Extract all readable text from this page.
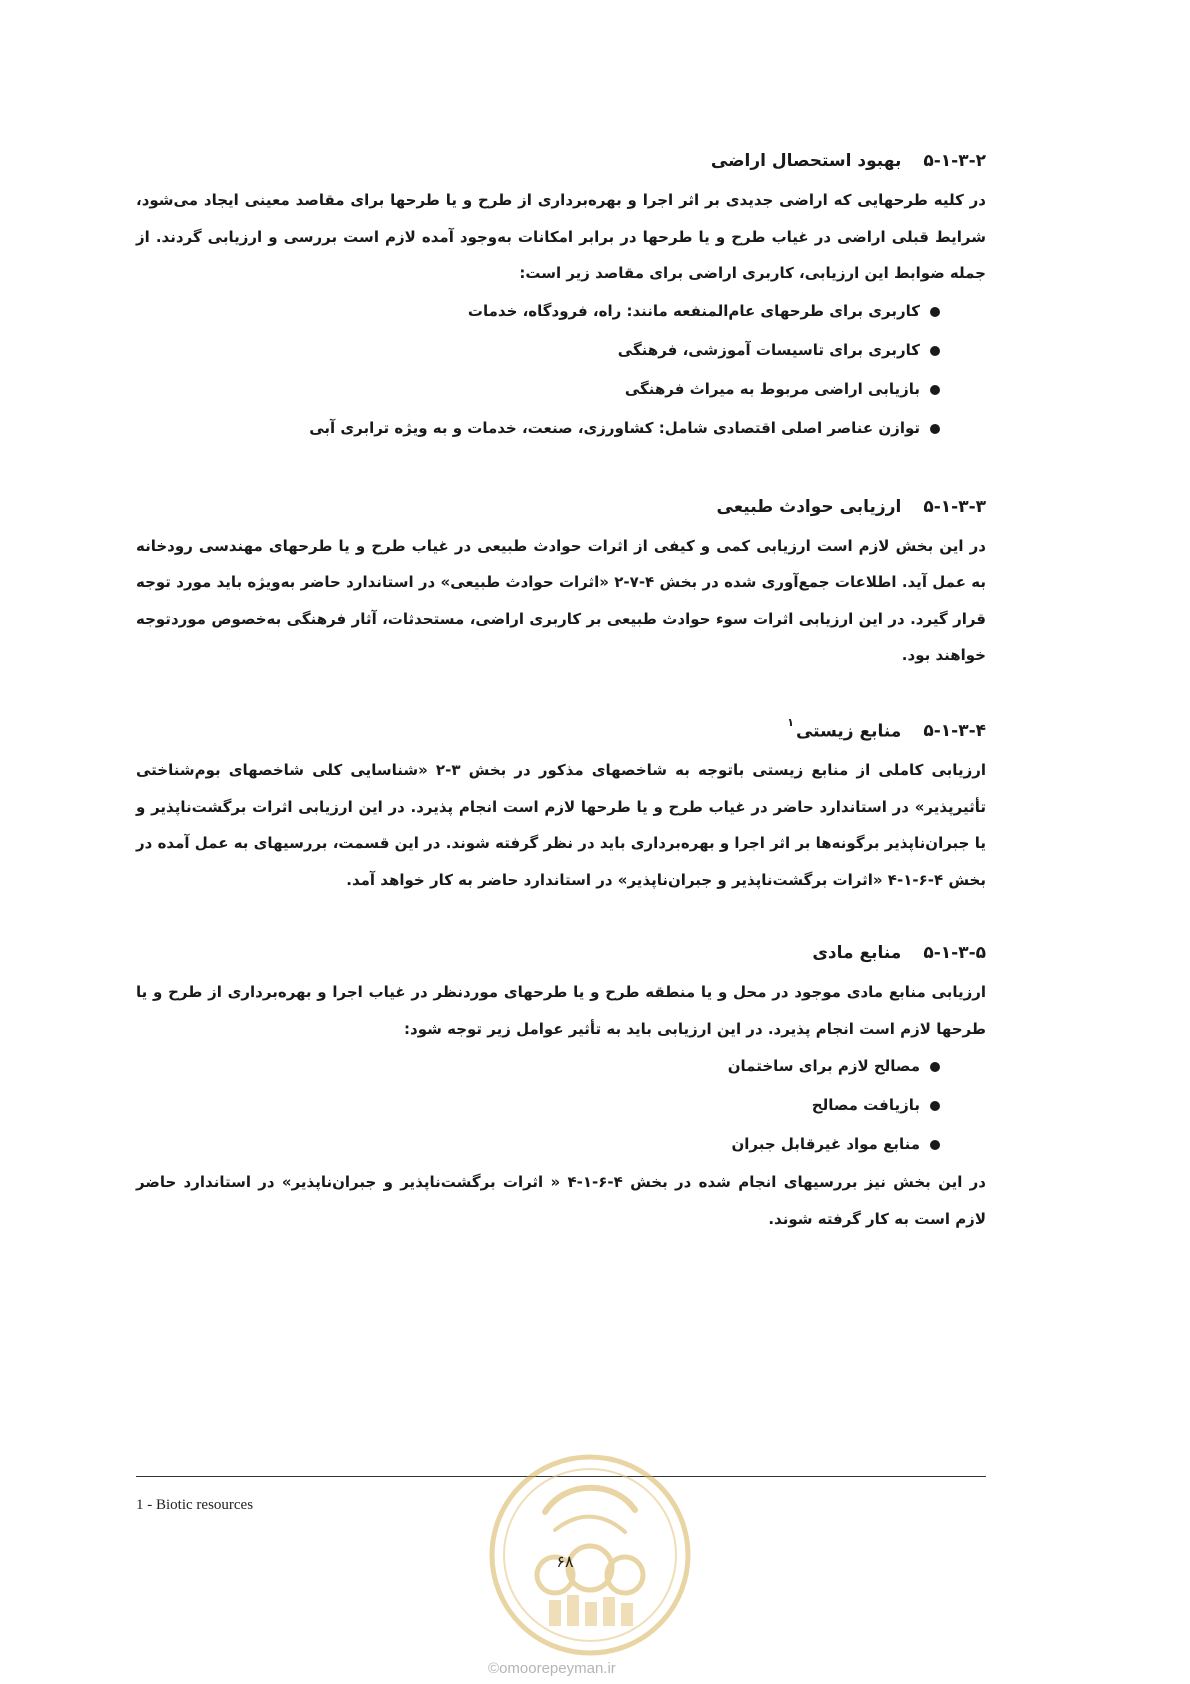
۵-۱-۳-۲بهبود استحصال اراضی

در کلیه طرحهایی که اراضی جدیدی بر اثر اجرا و بهره‌برداری از طرح و یا طرحها برای مقاصد معینی ایجاد می‌شود، شرایط قبلی اراضی در غیاب طرح و یا طرحها در برابر امکانات به‌وجود آمده لازم است بررسی و ارزیابی گردند. از جمله ضوابط این ارزیابی، کاربری اراضی برای مقاصد زیر است:

کاربری برای طرحهای عام‌المنفعه مانند: راه، فرودگاه، خدمات
کاربری برای تاسیسات آموزشی، فرهنگی
بازیابی اراضی مربوط به میراث فرهنگی
توازن عناصر اصلی اقتصادی شامل: کشاورزی، صنعت، خدمات و به ویژه ترابری آبی
۵-۱-۳-۳ارزیابی حوادث طبیعی

در این بخش لازم است ارزیابی کمی و کیفی از اثرات حوادث طبیعی در غیاب طرح و یا طرحهای مهندسی رودخانه به عمل آید. اطلاعات جمع‌آوری شده در بخش ۴-۷-۲ «اثرات حوادث طبیعی» در استاندارد حاضر به‌ویژه باید مورد توجه قرار گیرد. در این ارزیابی اثرات سوء حوادث طبیعی بر کاربری اراضی، مستحدثات، آثار فرهنگی به‌خصوص موردتوجه خواهند بود.

۵-۱-۳-۴منابع زیستی$^۱$

ارزیابی کاملی از منابع زیستی باتوجه به شاخصهای مذکور در بخش ۳-۲ «شناسایی کلی شاخصهای بوم‌شناختی تأثیرپذیر» در استاندارد حاضر در غیاب طرح و یا طرحها لازم است انجام پذیرد. در این ارزیابی اثرات برگشت‌ناپذیر و یا جبران‌ناپذیر برگونه‌ها بر اثر اجرا و بهره‌برداری باید در نظر گرفته شوند. در این قسمت، بررسیهای به عمل آمده در بخش ۴-۶-۱-۴ «اثرات برگشت‌ناپذیر و جبران‌ناپذیر» در استاندارد حاضر به کار خواهد آمد.

۵-۱-۳-۵منابع مادی

ارزیابی منابع مادی موجود در محل و یا منطقه طرح و یا طرحهای موردنظر در غیاب اجرا و بهره‌برداری از طرح و یا طرحها لازم است انجام پذیرد. در این ارزیابی باید به تأثیر عوامل زیر توجه شود:

مصالح لازم برای ساختمان
بازیافت مصالح
منابع مواد غیرقابل جبران

در این بخش نیز بررسیهای انجام شده در بخش ۴-۶-۱-۴ « اثرات برگشت‌ناپذیر و جبران‌ناپذیر» در استاندارد حاضر لازم است به کار گرفته شوند.

1 - Biotic resources
۶۸
©omoorepeyman.ir
